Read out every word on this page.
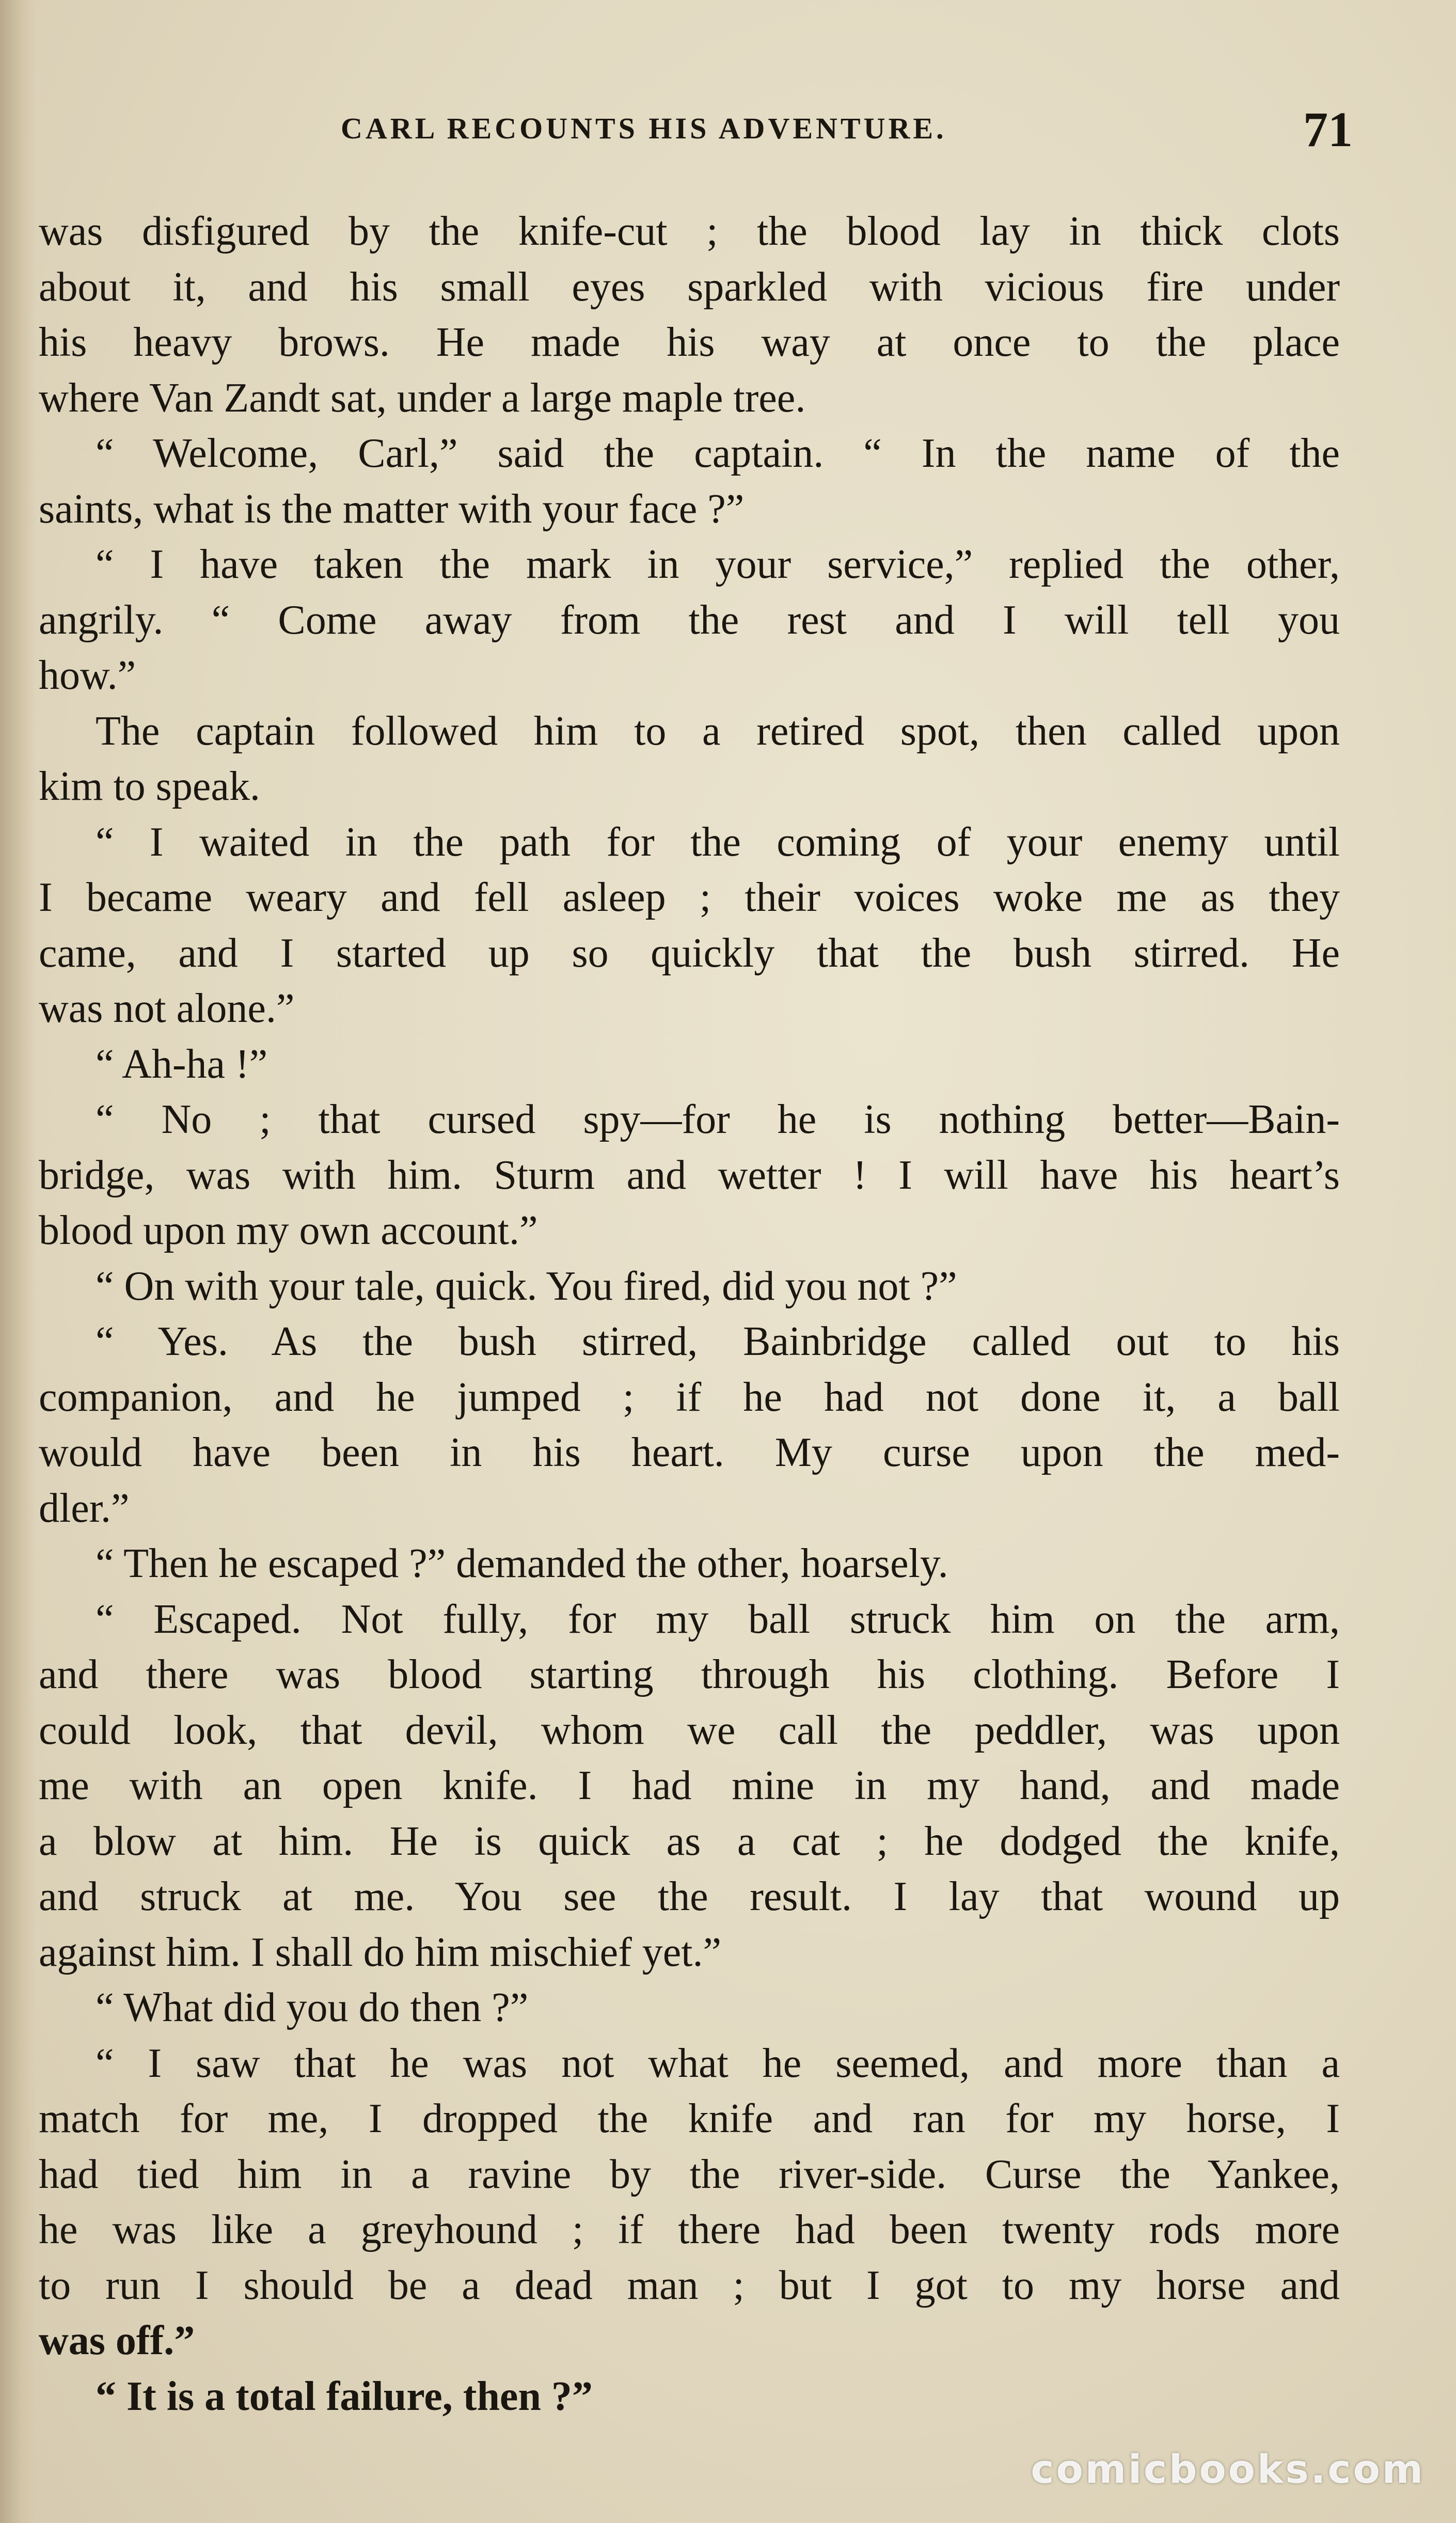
CARL RECOUNTS HIS ADVENTURE.	71
was disfigured by the knife-cut ; the blood lay in thick clots
about it, and his small eyes sparkled with vicious fire under
his heavy brows. He made his way at once to the place
where Van Zandt sat, under a large maple tree.
“ Welcome, Carl,” said the captain. “ In the name of the
saints, what is the matter with your face ?”
“ I have taken the mark in your service,” replied the other,
angrily. “ Come away from the rest and I will tell you
how.”
The captain followed him to a retired spot, then called upon
kim to speak.
“ I waited in the path for the coming of your enemy until
I became weary and fell asleep ; their voices woke me as they
came, and I started up so quickly that the bush stirred. He
was not alone.”
“ Ah-ha !”
“ No ; that cursed spy—for he is nothing better—Bain-
bridge, was with him. Sturm and wetter ! I will have his heart’s
blood upon my own account.”
“ On with your tale, quick. You fired, did you not ?”
“ Yes. As the bush stirred, Bainbridge called out to his
companion, and he jumped ; if he had not done it, a ball
would have been in his heart. My curse upon the med-
dler.”
“ Then he escaped ?” demanded the other, hoarsely.
“ Escaped. Not fully, for my ball struck him on the arm,
and there was blood starting through his clothing. Before I
could look, that devil, whom we call the peddler, was upon
me with an open knife. I had mine in my hand, and made
a blow at him. He is quick as a cat ; he dodged the knife,
and struck at me. You see the result. I lay that wound up
against him. I shall do him mischief yet.”
“ What did you do then ?”
“ I saw that he was not what he seemed, and more than a
match for me, I dropped the knife and ran for my horse, I
had tied him in a ravine by the river-side. Curse the Yankee,
he was like a greyhound ; if there had been twenty rods more
to run I should be a dead man ; but I got to my horse and
was off.”
“ It is a total failure, then ?”
comicbooks.com
